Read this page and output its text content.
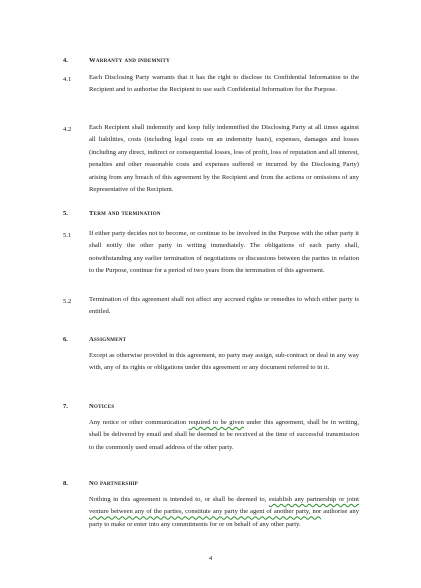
4.	Warranty and indemnity
4.1	Each Disclosing Party warrants that it has the right to disclose its Confidential Information to the Recipient and to authorise the Recipient to use such Confidential Information for the Purpose.
4.2	Each Recipient shall indemnify and keep fully indemnified the Disclosing Party at all times against all liabilities, costs (including legal costs on an indemnity basis), expenses, damages and losses (including any direct, indirect or consequential losses, loss of profit, loss of reputation and all interest, penalties and other reasonable costs and expenses suffered or incurred by the Disclosing Party) arising from any breach of this agreement by the Recipient and from the actions or omissions of any Representative of the Recipient.
5.	Term and termination
5.1	If either party decides not to become, or continue to be involved in the Purpose with the other party it shall notify the other party in writing immediately. The obligations of each party shall, notwithstanding any earlier termination of negotiations or discussions between the parties in relation to the Purpose, continue for a period of two years from the termination of this agreement.
5.2	Termination of this agreement shall not affect any accrued rights or remedies to which either party is entitled.
6.	Assignment
Except as otherwise provided in this agreement, no party may assign, sub-contract or deal in any way with, any of its rights or obligations under this agreement or any document referred to in it.
7.	Notices
Any notice or other communication required to be given under this agreement, shall be in writing, shall be delivered by email and shall be deemed to be received at the time of successful transmission to the commonly used email address of the other party.
8.	No partnership
Nothing in this agreement is intended to, or shall be deemed to, establish any partnership or joint venture between any of the parties, constitute any party the agent of another party, nor authorise any party to make or enter into any commitments for or on behalf of any other party.
4
